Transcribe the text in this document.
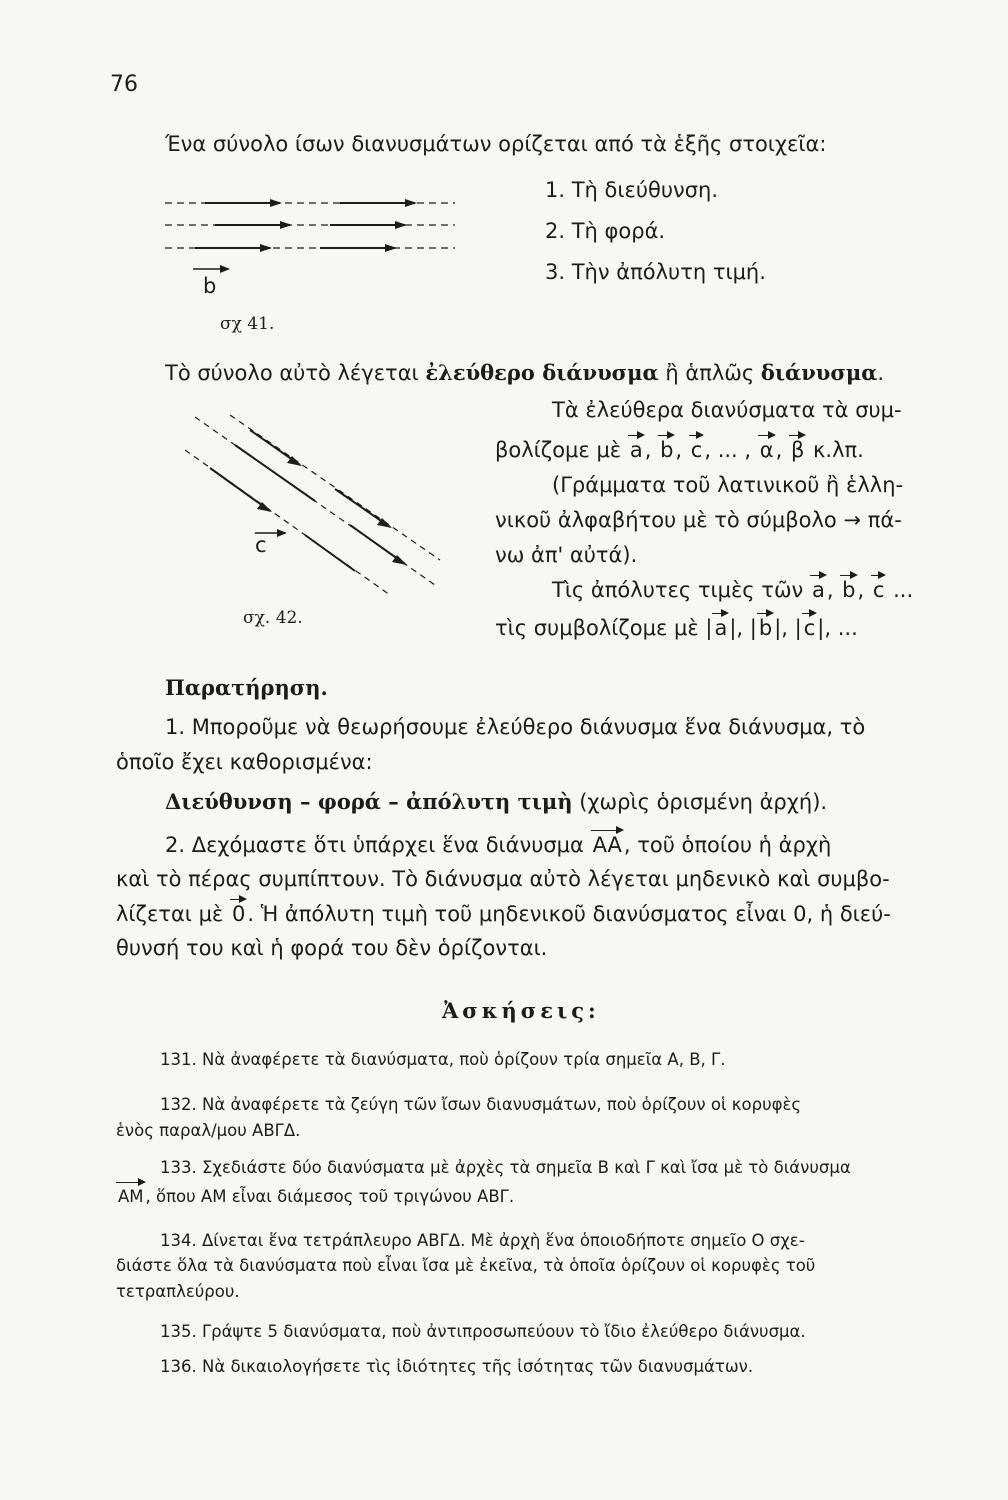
76
Ένα σύνολο ίσων διανυσμάτων ορίζεται από τὰ ἑξῆς στοιχεῖα:
1. Τὴ διεύθυνση.
2. Τὴ φορά.
3. Τὴν ἀπόλυτη τιμή.
b
σχ 41.
Τὸ σύνολο αὐτὸ λέγεται ἐλεύθερο διάνυσμα ἢ ἁπλῶς διάνυσμα.
c
σχ. 42.
Τὰ ἐλεύθερα διανύσματα τὰ συμ-
βολίζομε μὲ a, b, c, ... , α, β κ.λπ.
(Γράμματα τοῦ λατινικοῦ ἢ ἑλλη-
νικοῦ ἀλφαβήτου μὲ τὸ σύμβολο → πά-
νω ἀπ' αὐτά).
Τὶς ἀπόλυτες τιμὲς τῶν a, b, c ...
τὶς συμβολίζομε μὲ |a|, |b|, |c|, ...
Παρατήρηση.
1. Μποροῦμε νὰ θεωρήσουμε ἐλεύθερο διάνυσμα ἕνα διάνυσμα, τὸ
ὁποῖο ἔχει καθορισμένα:
Διεύθυνση – φορά – ἀπόλυτη τιμὴ (χωρὶς ὁρισμένη ἀρχή).
2. Δεχόμαστε ὅτι ὑπάρχει ἕνα διάνυσμα AA, τοῦ ὁποίου ἡ ἀρχὴ
καὶ τὸ πέρας συμπίπτουν. Τὸ διάνυσμα αὐτὸ λέγεται μηδενικὸ καὶ συμβο-
λίζεται μὲ 0. Ἡ ἀπόλυτη τιμὴ τοῦ μηδενικοῦ διανύσματος εἶναι 0, ἡ διεύ-
θυνσή του καὶ ἡ φορά του δὲν ὁρίζονται.
Ἀσκήσεις:
131. Νὰ ἀναφέρετε τὰ διανύσματα, ποὺ ὁρίζουν τρία σημεῖα A, B, Γ.
132. Νὰ ἀναφέρετε τὰ ζεύγη τῶν ἴσων διανυσμάτων, ποὺ ὁρίζουν οἱ κορυφὲς
ἑνὸς παραλ/μου ΑΒΓΔ.
133. Σχεδιάστε δύο διανύσματα μὲ ἀρχὲς τὰ σημεῖα B καὶ Γ καὶ ἴσα μὲ τὸ διάνυσμα
AM , ὅπου AM εἶναι διάμεσος τοῦ τριγώνου ΑΒΓ.
134. Δίνεται ἕνα τετράπλευρο ΑΒΓΔ. Μὲ ἀρχὴ ἕνα ὁποιοδήποτε σημεῖο Ο σχε-
διάστε ὅλα τὰ διανύσματα ποὺ εἶναι ἴσα μὲ ἐκεῖνα, τὰ ὁποῖα ὁρίζουν οἱ κορυφὲς τοῦ
τετραπλεύρου.
135. Γράψτε 5 διανύσματα, ποὺ ἀντιπροσωπεύουν τὸ ἴδιο ἐλεύθερο διάνυσμα.
136. Νὰ δικαιολογήσετε τὶς ἰδιότητες τῆς ἰσότητας τῶν διανυσμάτων.
